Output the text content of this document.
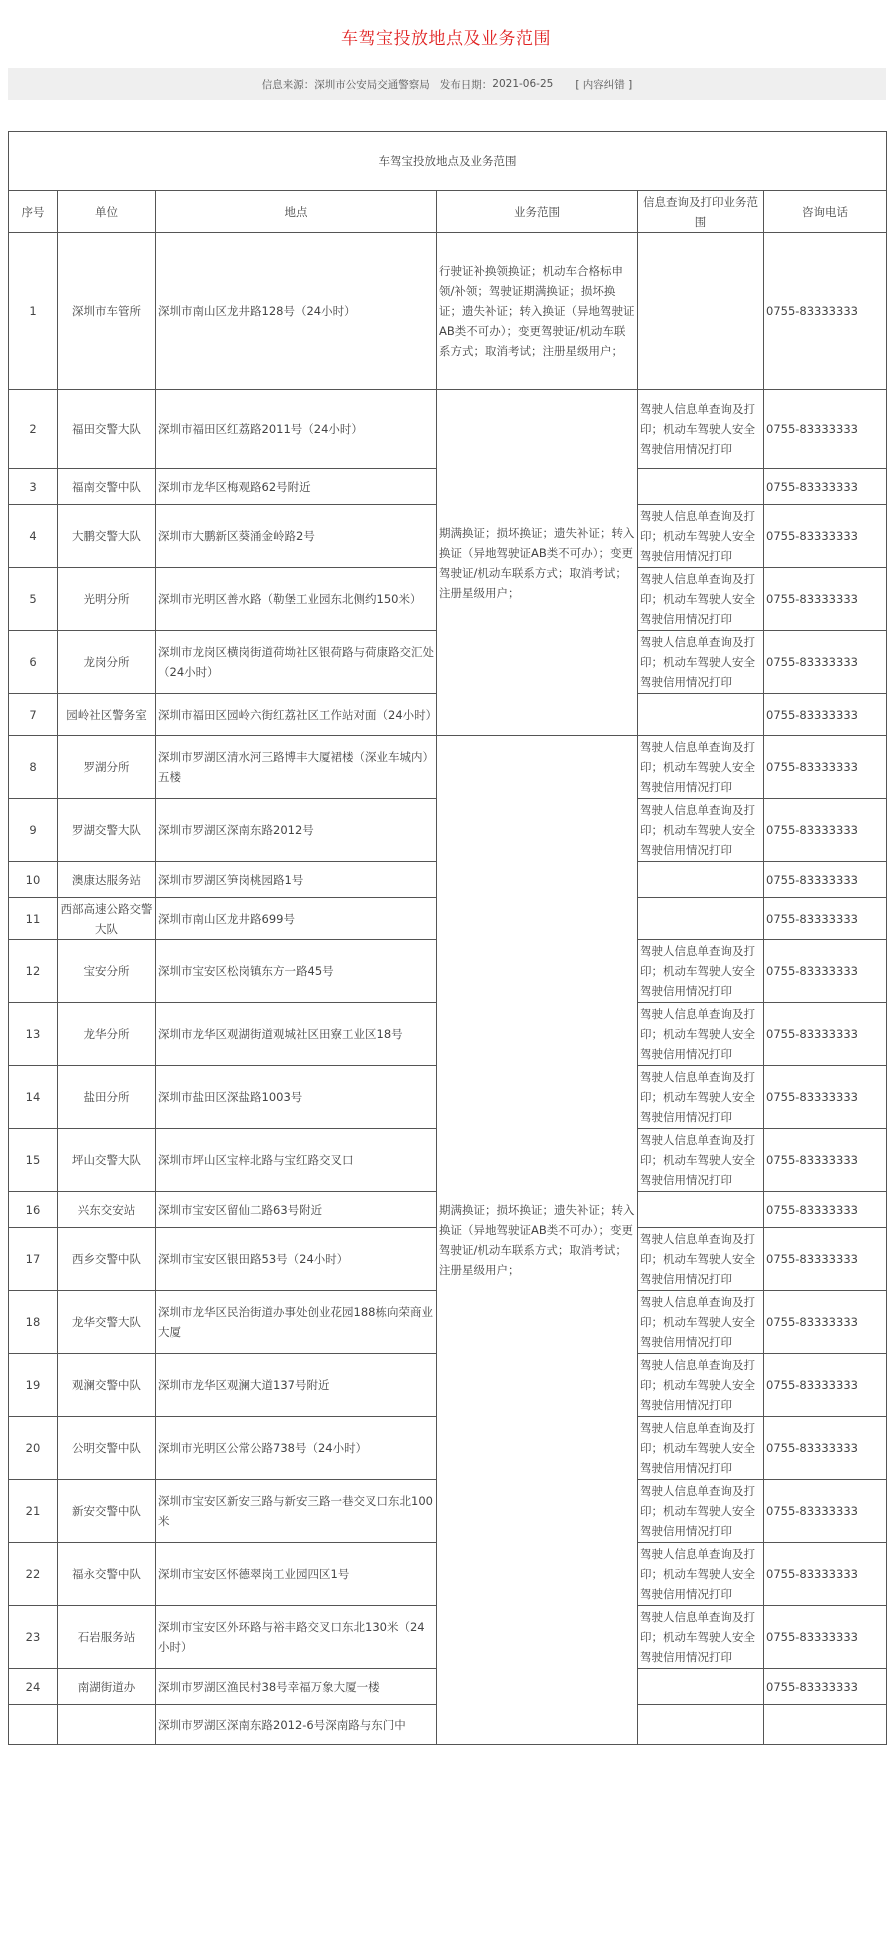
车驾宝投放地点及业务范围
信息来源： 深圳市公安局交通警察局 发布日期： 2021-06-25 [ 内容纠错 ]
车驾宝投放地点及业务范围					
序号	单位	地点	业务范围	信息查询及打印业务范围	咨询电话
1	深圳市车管所	深圳市南山区龙井路128号（24小时）	行驶证补换领换证；机动车合格标申领/补领；驾驶证期满换证；损坏换证；遗失补证；转入换证（异地驾驶证AB类不可办）；变更驾驶证/机动车联系方式；取消考试；注册星级用户；		0755-83333333
2	福田交警大队	深圳市福田区红荔路2011号（24小时）	期满换证；损坏换证；遗失补证；转入换证（异地驾驶证AB类不可办）；变更驾驶证/机动车联系方式；取消考试；注册星级用户；	驾驶人信息单查询及打印；机动车驾驶人安全驾驶信用情况打印	0755-83333333
3	福南交警中队	深圳市龙华区梅观路62号附近			0755-83333333
4	大鹏交警大队	深圳市大鹏新区葵涌金岭路2号		驾驶人信息单查询及打印；机动车驾驶人安全驾驶信用情况打印	0755-83333333
5	光明分所	深圳市光明区善水路（勒堡工业园东北侧约150米）		驾驶人信息单查询及打印；机动车驾驶人安全驾驶信用情况打印	0755-83333333
6	龙岗分所	深圳市龙岗区横岗街道荷坳社区银荷路与荷康路交汇处（24小时）		驾驶人信息单查询及打印；机动车驾驶人安全驾驶信用情况打印	0755-83333333
7	园岭社区警务室	深圳市福田区园岭六街红荔社区工作站对面（24小时）			0755-83333333
8	罗湖分所	深圳市罗湖区清水河三路博丰大厦裙楼（深业车城内）五楼	期满换证；损坏换证；遗失补证；转入换证（异地驾驶证AB类不可办）；变更驾驶证/机动车联系方式；取消考试；注册星级用户；	驾驶人信息单查询及打印；机动车驾驶人安全驾驶信用情况打印	0755-83333333
9	罗湖交警大队	深圳市罗湖区深南东路2012号		驾驶人信息单查询及打印；机动车驾驶人安全驾驶信用情况打印	0755-83333333
10	澳康达服务站	深圳市罗湖区笋岗桃园路1号			0755-83333333
11	西部高速公路交警大队	深圳市南山区龙井路699号			0755-83333333
12	宝安分所	深圳市宝安区松岗镇东方一路45号		驾驶人信息单查询及打印；机动车驾驶人安全驾驶信用情况打印	0755-83333333
13	龙华分所	深圳市龙华区观湖街道观城社区田寮工业区18号		驾驶人信息单查询及打印；机动车驾驶人安全驾驶信用情况打印	0755-83333333
14	盐田分所	深圳市盐田区深盐路1003号		驾驶人信息单查询及打印；机动车驾驶人安全驾驶信用情况打印	0755-83333333
15	坪山交警大队	深圳市坪山区宝梓北路与宝红路交叉口		驾驶人信息单查询及打印；机动车驾驶人安全驾驶信用情况打印	0755-83333333
16	兴东交安站	深圳市宝安区留仙二路63号附近			0755-83333333
17	西乡交警中队	深圳市宝安区银田路53号（24小时）		驾驶人信息单查询及打印；机动车驾驶人安全驾驶信用情况打印	0755-83333333
18	龙华交警大队	深圳市龙华区民治街道办事处创业花园188栋向荣商业大厦		驾驶人信息单查询及打印；机动车驾驶人安全驾驶信用情况打印	0755-83333333
19	观澜交警中队	深圳市龙华区观澜大道137号附近		驾驶人信息单查询及打印；机动车驾驶人安全驾驶信用情况打印	0755-83333333
20	公明交警中队	深圳市光明区公常公路738号（24小时）		驾驶人信息单查询及打印；机动车驾驶人安全驾驶信用情况打印	0755-83333333
21	新安交警中队	深圳市宝安区新安三路与新安三路一巷交叉口东北100米		驾驶人信息单查询及打印；机动车驾驶人安全驾驶信用情况打印	0755-83333333
22	福永交警中队	深圳市宝安区怀德翠岗工业园四区1号		驾驶人信息单查询及打印；机动车驾驶人安全驾驶信用情况打印	0755-83333333
23	石岩服务站	深圳市宝安区外环路与裕丰路交叉口东北130米（24小时）		驾驶人信息单查询及打印；机动车驾驶人安全驾驶信用情况打印	0755-83333333
24	南湖街道办	深圳市罗湖区渔民村38号幸福万象大厦一楼			0755-83333333
		深圳市罗湖区深南东路2012-6号深南路与东门中			
